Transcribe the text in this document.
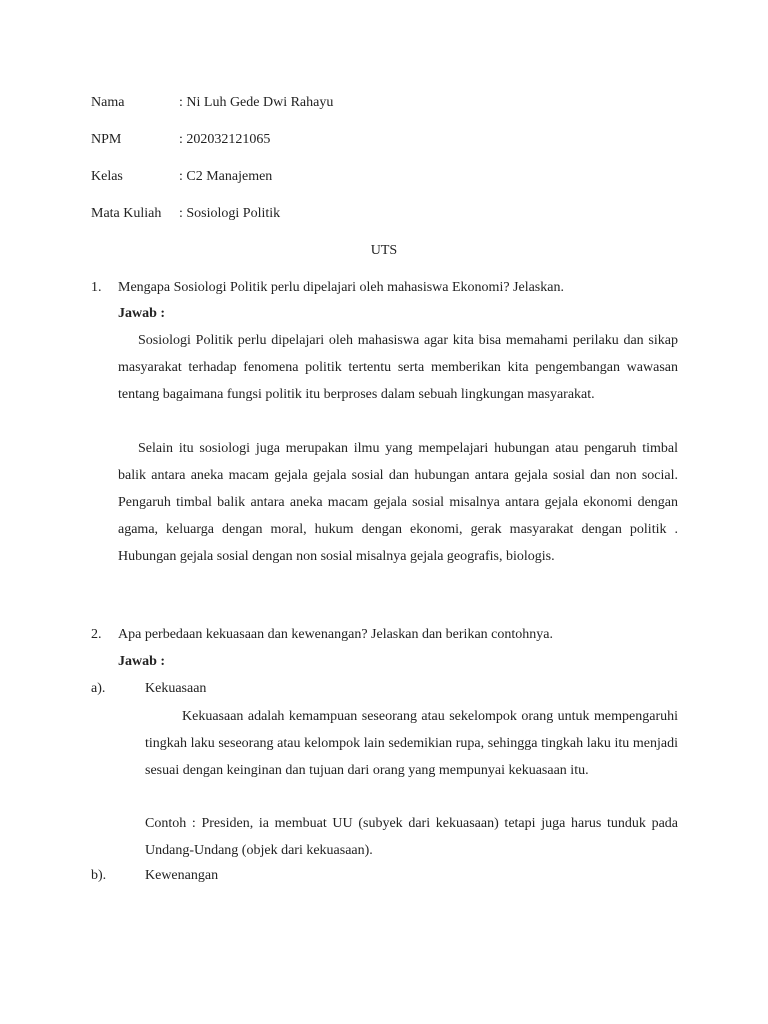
Nama	: Ni Luh Gede Dwi Rahayu
NPM	: 202032121065
Kelas	: C2 Manajemen
Mata Kuliah : Sosiologi Politik
UTS
1. Mengapa Sosiologi Politik perlu dipelajari oleh mahasiswa Ekonomi? Jelaskan.
Jawab :
Sosiologi Politik perlu dipelajari oleh mahasiswa agar kita bisa memahami perilaku dan sikap masyarakat terhadap fenomena politik tertentu serta memberikan kita pengembangan wawasan tentang bagaimana fungsi politik itu berproses dalam sebuah lingkungan masyarakat.
Selain itu sosiologi juga merupakan ilmu yang mempelajari hubungan atau pengaruh timbal balik antara aneka macam gejala gejala sosial dan hubungan antara gejala sosial dan non social. Pengaruh timbal balik antara aneka macam gejala sosial misalnya antara gejala ekonomi dengan agama, keluarga dengan moral, hukum dengan ekonomi, gerak masyarakat dengan politik . Hubungan gejala sosial dengan non sosial misalnya gejala geografis, biologis.
2. Apa perbedaan kekuasaan dan kewenangan? Jelaskan dan berikan contohnya.
Jawab :
a).	Kekuasaan
Kekuasaan adalah kemampuan seseorang atau sekelompok orang untuk mempengaruhi tingkah laku seseorang atau kelompok lain sedemikian rupa, sehingga tingkah laku itu menjadi sesuai dengan keinginan dan tujuan dari orang yang mempunyai kekuasaan itu.
Contoh : Presiden, ia membuat UU (subyek dari kekuasaan) tetapi juga harus tunduk pada Undang-Undang (objek dari kekuasaan).
b).	Kewenangan
